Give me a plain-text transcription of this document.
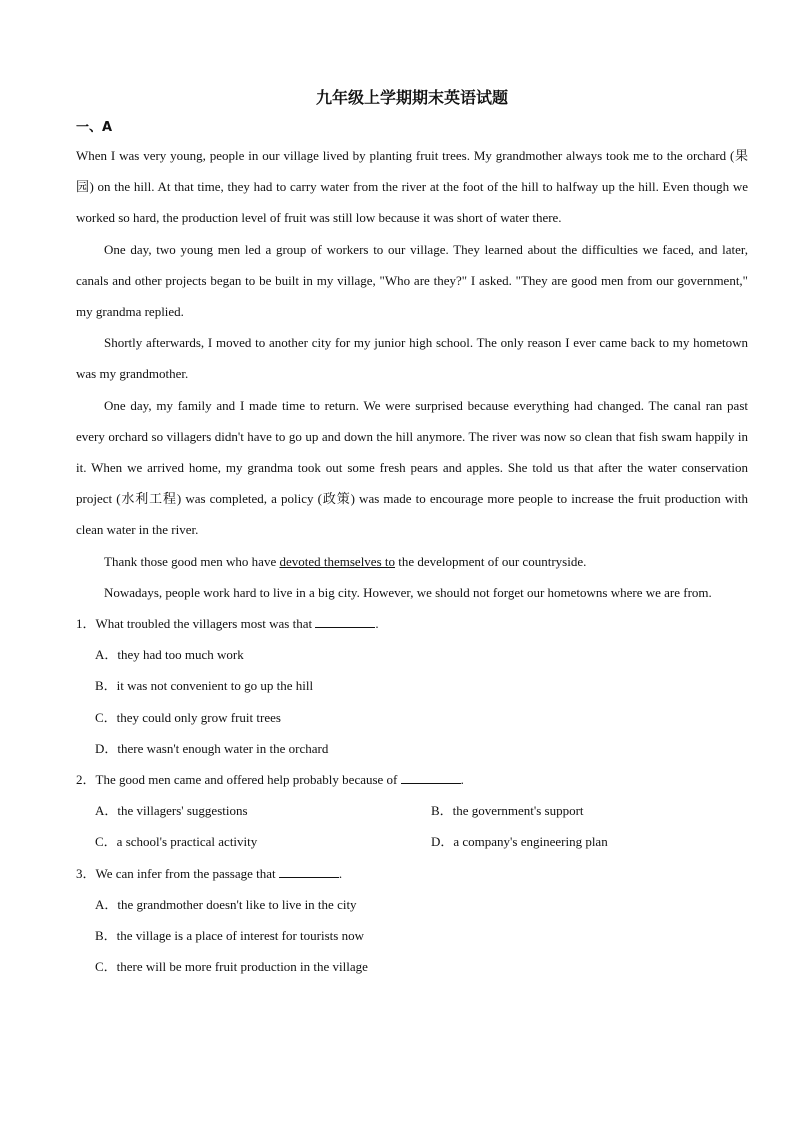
九年级上学期期末英语试题
一、A

When I was very young, people in our village lived by planting fruit trees. My grandmother always took me to the orchard (果园) on the hill. At that time, they had to carry water from the river at the foot of the hill to halfway up the hill. Even though we worked so hard, the production level of fruit was still low because it was short of water there.

One day, two young men led a group of workers to our village. They learned about the difficulties we faced, and later, canals and other projects began to be built in my village, "Who are they?" I asked. "They are good men from our government," my grandma replied.

Shortly afterwards, I moved to another city for my junior high school. The only reason I ever came back to my hometown was my grandmother.

One day, my family and I made time to return. We were surprised because everything had changed. The canal ran past every orchard so villagers didn't have to go up and down the hill anymore. The river was now so clean that fish swam happily in it. When we arrived home, my grandma took out some fresh pears and apples. She told us that after the water conservation project (水利工程) was completed, a policy (政策) was made to encourage more people to increase the fruit production with clean water in the river.

Thank those good men who have devoted themselves to the development of our countryside.

Nowadays, people work hard to live in a big city. However, we should not forget our hometowns where we are from.

1．What troubled the villagers most was that	.
A．they had too much work
B．it was not convenient to go up the hill
C．they could only grow fruit trees
D．there wasn't enough water in the orchard
2．The good men came and offered help probably because of	.
A．the villagers' suggestions	B．the government's support
C．a school's practical activity	D．a company's engineering plan
3．We can infer from the passage that	.
A．the grandmother doesn't like to live in the city
B．the village is a place of interest for tourists now
C．there will be more fruit production in the village
